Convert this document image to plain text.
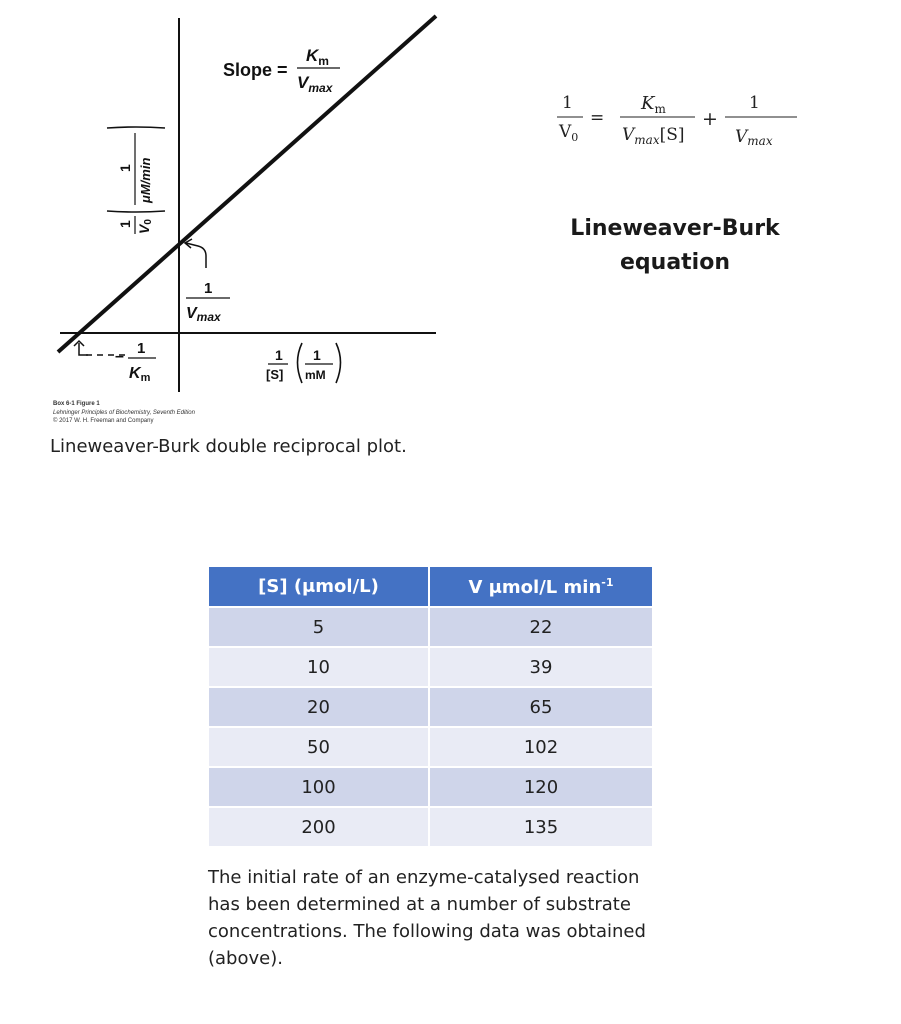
Slope =
$K_m$
$V_{max}$
1
Vmax
– 1
Km
1
[S]
1
mM
1
V0
1 μM/min
Box 6-1 Figure 1
Lehninger Principles of Biochemistry, Seventh Edition
© 2017 W. H. Freeman and Company
Lineweaver-Burk double reciprocal plot.
1
$V_0$
=
$K_m$
$V_{max}[S]$
+
1
Vmax
Lineweaver-Burk
equation
[S] (μmol/L)	V μmol/L $\min^{-1}$
5	22
10	39
20	65
50	102
100	120
200	135
The initial rate of an enzyme-catalysed reaction has been determined at a number of substrate concentrations. The following data was obtained (above).
